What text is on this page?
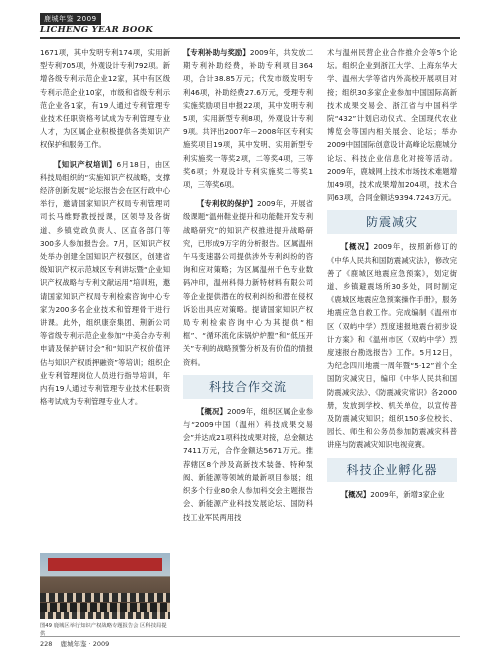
鹿城年鉴 2009
LICHENG YEAR BOOK

1671项，其中发明专利174项，实用新型专利705项，外观设计专利792项。新增各级专利示范企业12家，其中有区级专利示范企业10家，市级和省级专利示范企业各1家，有19人通过专利管理专业技术任职资格考试成为专利管理专业人才，为区属企业积极提供各类知识产权保护和服务工作。

【知识产权培训】6月18日，由区科技局组织的“实施知识产权战略，支撑经济创新发展”论坛报告会在区行政中心举行，邀请国家知识产权局专利管理司司长马维野教授授课，区领导及各街道、乡镇党政负责人、区直各部门等300多人参加报告会。7月，区知识产权处举办创建全国知识产权强区，创建省级知识产权示范城区专利讲坛暨“企业知识产权战略与专利文献运用”培训班，邀请国家知识产权局专利检索咨询中心专家为200多名企业技术和管理骨干进行讲课。此外，组织康奈集团、荆新公司等省级专利示范企业参加“中美合办专利申请及保护研讨会”和“知识产权价值评估与知识产权质押融资”等培训；组织企业专利管理岗位人员进行指导培训，年内有19人通过专利管理专业技术任职资格考试成为专利管理专业人才。

图49 鹿城区举行知识产权战略专题报告会 区科技局提供

【专利补助与奖励】2009年，共发放二期专利补助经费，补助专利项目364项，合计38.85万元；代发市级发明专利46项，补助经费27.6万元，受理专利实施奖励项目申报22项，其中发明专利5项，实用新型专利8项，外观设计专利9项。共评出2007年－2008年区专利实施奖项目19项，其中发明、实用新型专利实施奖一等奖2项，二等奖4项，三等奖6项；外观设计专利实施奖二等奖1项，三等奖6项。

【专利权的保护】2009年，开展省级课题“温州鞋业提升和功能鞋开发专利战略研究”的知识产权推进提升战略研究，已形成9万字的分析报告。区属温州午马变速器公司提供涉外专利纠纷的咨询和应对策略；为区属温州千色专业数码冲印，温州科得力新特材料有限公司等企业提供潜在的权利纠纷和潜在侵权诉讼出具应对策略。提请国家知识产权局专利检索咨询中心为其提供“相框”、“循环流化床锅炉炉膛”和“低压开关”专利的战略预警分析及有价值的情报资料。

科技合作交流

【概况】2009年，组织区属企业参与“2009中国（温州）科技成果交易会”并达成21项科技成果对接，总金额达7411万元，合作金额达5671万元。推荐辖区8个涉及高新技术装备、特种泵阀、新能源等领域的最新项目参展；组织多个行业80余人参加科交会主题报告会、新能源产业科技发展论坛、国防科技工业军民两用技

术与温州民营企业合作推介会等5个论坛。组织企业到浙江大学、上海东华大学、温州大学等省内外高校开展项目对接；组织30多家企业参加中国国际高新技术成果交易会、浙江省与中国科学院“432”计划启动仪式、全国现代农业博览会等国内相关展会、论坛；举办2009中国国际创意设计高峰论坛鹿城分论坛、科技企业信息化对接等活动。2009年，鹿城网上技术市场技术难题增加49项，技术成果增加204项，技术合同63项，合同金额达9394.7243万元。

防震减灾

【概况】2009年，按照新修订的《中华人民共和国防震减灾法》，修改完善了《鹿城区地震应急预案》，划定街道、乡镇避震场所30多处，同时制定《鹿城区地震应急预案操作手册》，服务地震应急自救工作。完成编制《温州市区（双屿中学）烈度速报地震台初步设计方案》和《温州市区（双屿中学）烈度速报台勘选报告》工作。5月12日，为纪念四川地震一周年暨“5·12”首个全国防灾减灾日，编印《中华人民共和国防震减灾法》、《防震减灾常识》各2000册，发放到学校、机关单位，以宣传普及防震减灾知识；组织150多位校长、园长、师生和公务员参加防震减灾科普讲座与防震减灾知识电视竞赛。

科技企业孵化器

【概况】2009年，新增3家企业

228 鹿城年鉴 · 2009
